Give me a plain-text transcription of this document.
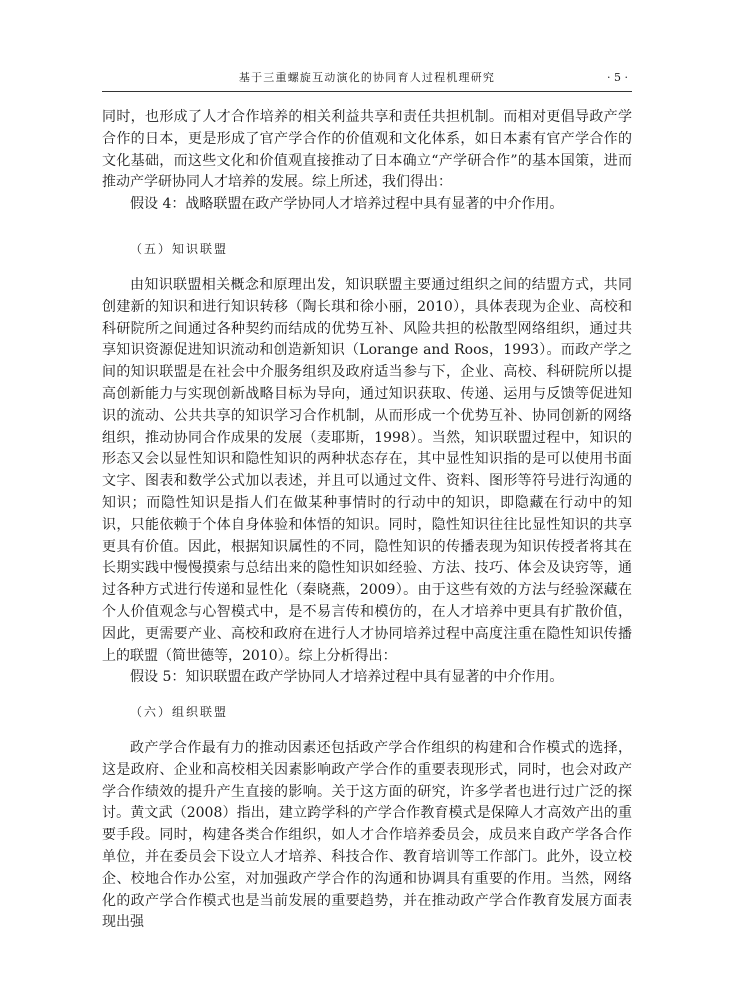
基于三重螺旋互动演化的协同育人过程机理研究	· 5 ·

同时，也形成了人才合作培养的相关利益共享和责任共担机制。而相对更倡导政产学合作的日本，更是形成了官产学合作的价值观和文化体系，如日本素有官产学合作的文化基础，而这些文化和价值观直接推动了日本确立“产学研合作”的基本国策，进而推动产学研协同人才培养的发展。综上所述，我们得出：

假设 4：战略联盟在政产学协同人才培养过程中具有显著的中介作用。

（五）知识联盟

由知识联盟相关概念和原理出发，知识联盟主要通过组织之间的结盟方式，共同创建新的知识和进行知识转移（陶长琪和徐小丽，2010），具体表现为企业、高校和科研院所之间通过各种契约而结成的优势互补、风险共担的松散型网络组织，通过共享知识资源促进知识流动和创造新知识（Lorange and Roos，1993）。而政产学之间的知识联盟是在社会中介服务组织及政府适当参与下，企业、高校、科研院所以提高创新能力与实现创新战略目标为导向，通过知识获取、传递、运用与反馈等促进知识的流动、公共共享的知识学习合作机制，从而形成一个优势互补、协同创新的网络组织，推动协同合作成果的发展（麦耶斯，1998）。当然，知识联盟过程中，知识的形态又会以显性知识和隐性知识的两种状态存在，其中显性知识指的是可以使用书面文字、图表和数学公式加以表述，并且可以通过文件、资料、图形等符号进行沟通的知识；而隐性知识是指人们在做某种事情时的行动中的知识，即隐藏在行动中的知识，只能依赖于个体自身体验和体悟的知识。同时，隐性知识往往比显性知识的共享更具有价值。因此，根据知识属性的不同，隐性知识的传播表现为知识传授者将其在长期实践中慢慢摸索与总结出来的隐性知识如经验、方法、技巧、体会及诀窍等，通过各种方式进行传递和显性化（秦晓燕，2009）。由于这些有效的方法与经验深藏在个人价值观念与心智模式中，是不易言传和模仿的，在人才培养中更具有扩散价值，因此，更需要产业、高校和政府在进行人才协同培养过程中高度注重在隐性知识传播上的联盟（简世德等，2010）。综上分析得出：

假设 5：知识联盟在政产学协同人才培养过程中具有显著的中介作用。

（六）组织联盟

政产学合作最有力的推动因素还包括政产学合作组织的构建和合作模式的选择，这是政府、企业和高校相关因素影响政产学合作的重要表现形式，同时，也会对政产学合作绩效的提升产生直接的影响。关于这方面的研究，许多学者也进行过广泛的探讨。黄文武（2008）指出，建立跨学科的产学合作教育模式是保障人才高效产出的重要手段。同时，构建各类合作组织，如人才合作培养委员会，成员来自政产学各合作单位，并在委员会下设立人才培养、科技合作、教育培训等工作部门。此外，设立校企、校地合作办公室，对加强政产学合作的沟通和协调具有重要的作用。当然，网络化的政产学合作模式也是当前发展的重要趋势，并在推动政产学合作教育发展方面表现出强
